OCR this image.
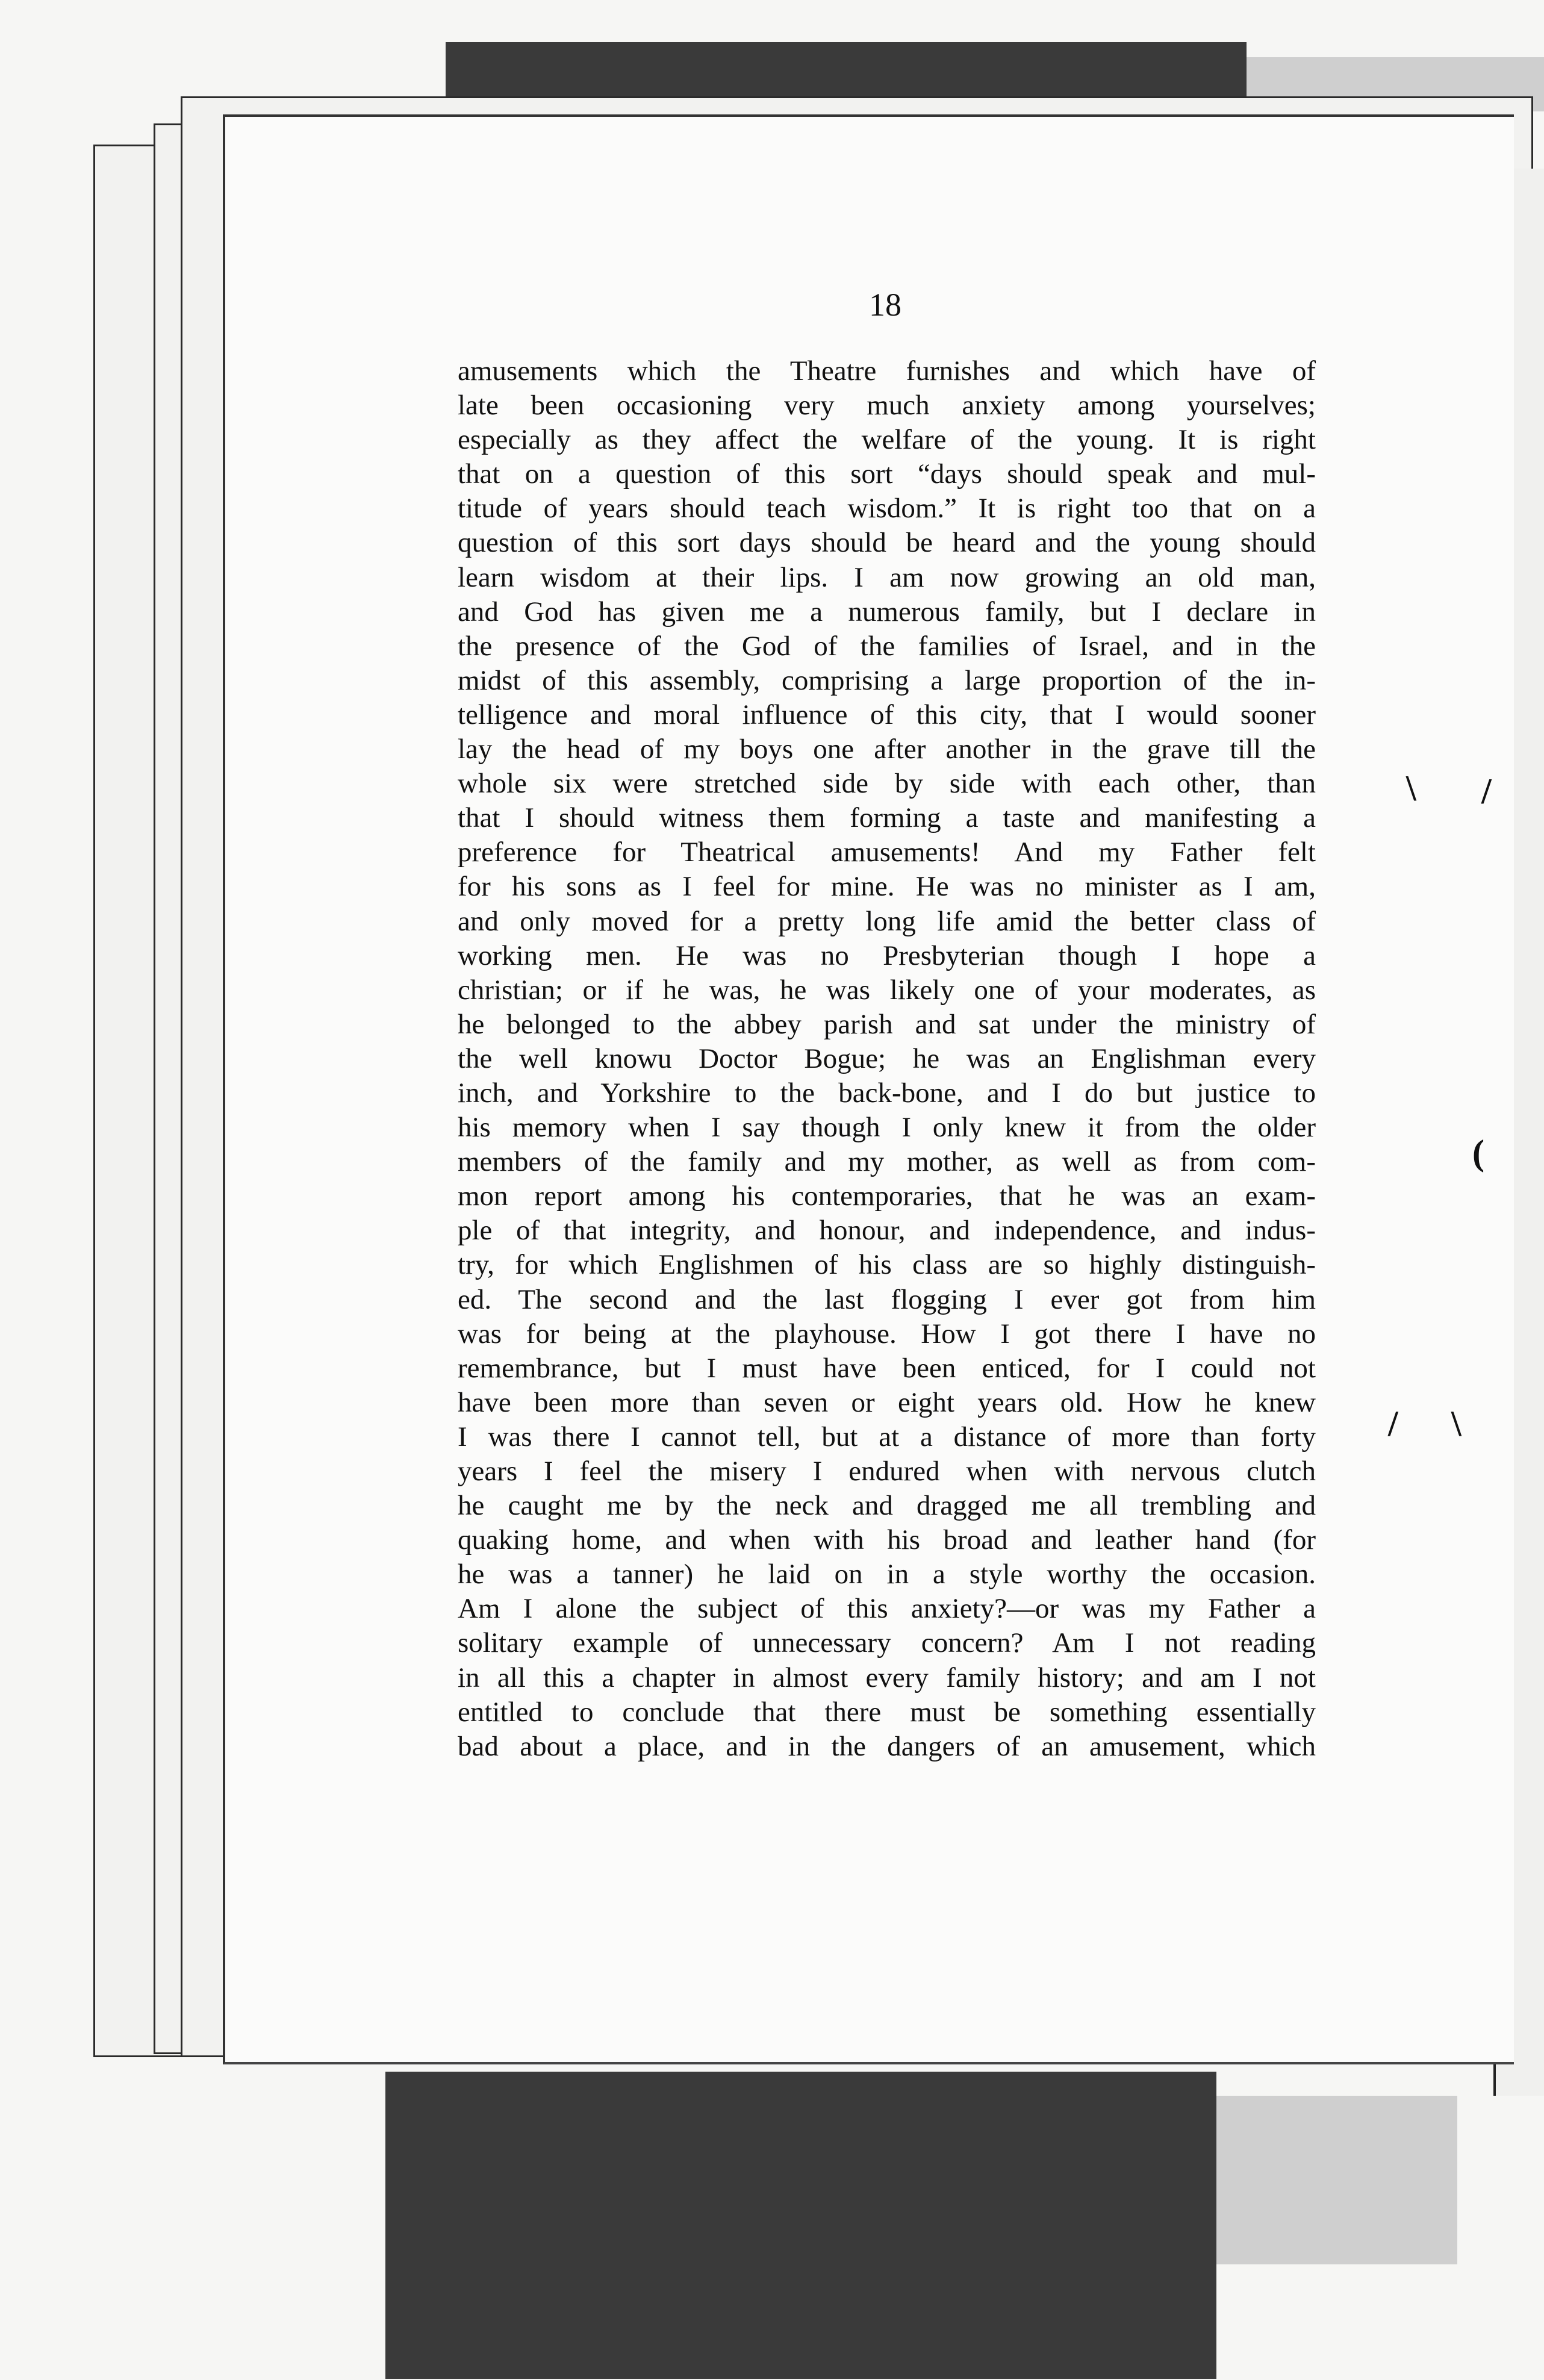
18
amusements which the Theatre furnishes and which have of
late been occasioning very much anxiety among yourselves;
especially as they affect the welfare of the young. It is right
that on a question of this sort “days should speak and mul-
titude of years should teach wisdom.” It is right too that on a
question of this sort days should be heard and the young should
learn wisdom at their lips. I am now growing an old man,
and God has given me a numerous family, but I declare in
the presence of the God of the families of Israel, and in the
midst of this assembly, comprising a large proportion of the in-
telligence and moral influence of this city, that I would sooner
lay the head of my boys one after another in the grave till the
whole six were stretched side by side with each other, than
that I should witness them forming a taste and manifesting a
preference for Theatrical amusements! And my Father felt
for his sons as I feel for mine. He was no minister as I am,
and only moved for a pretty long life amid the better class of
working men. He was no Presbyterian though I hope a
christian; or if he was, he was likely one of your moderates, as
he belonged to the abbey parish and sat under the ministry of
the well knowu Doctor Bogue; he was an Englishman every
inch, and Yorkshire to the back-bone, and I do but justice to
his memory when I say though I only knew it from the older
members of the family and my mother, as well as from com-
mon report among his contemporaries, that he was an exam-
ple of that integrity, and honour, and independence, and indus-
try, for which Englishmen of his class are so highly distinguish-
ed. The second and the last flogging I ever got from him
was for being at the playhouse. How I got there I have no
remembrance, but I must have been enticed, for I could not
have been more than seven or eight years old. How he knew
I was there I cannot tell, but at a distance of more than forty
years I feel the misery I endured when with nervous clutch
he caught me by the neck and dragged me all trembling and
quaking home, and when with his broad and leather hand (for
he was a tanner) he laid on in a style worthy the occasion.
Am I alone the subject of this anxiety?—or was my Father a
solitary example of unnecessary concern? Am I not reading
in all this a chapter in almost every family history; and am I not
entitled to conclude that there must be something essentially
bad about a place, and in the dangers of an amusement, which
\ /
(
/ \
